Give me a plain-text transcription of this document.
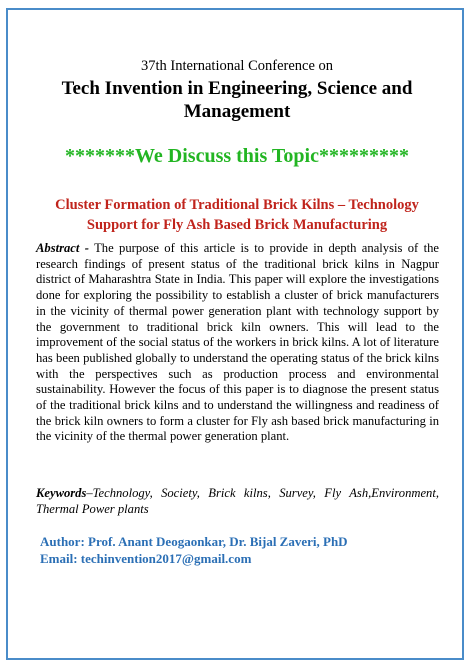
37th International Conference on
Tech Invention in Engineering, Science and Management
*******We Discuss this Topic*********
Cluster Formation of Traditional Brick Kilns – Technology Support for Fly Ash Based Brick Manufacturing

Abstract - The purpose of this article is to provide in depth analysis of the research findings of present status of the traditional brick kilns in Nagpur district of Maharashtra State in India. This paper will explore the investigations done for exploring the possibility to establish a cluster of brick manufacturers in the vicinity of thermal power generation plant with technology support by the government to traditional brick kiln owners. This will lead to the improvement of the social status of the workers in brick kilns. A lot of literature has been published globally to understand the operating status of the brick kilns with the perspectives such as production process and environmental sustainability. However the focus of this paper is to diagnose the present status of the traditional brick kilns and to understand the willingness and readiness of the brick kiln owners to form a cluster for Fly ash based brick manufacturing in the vicinity of the thermal power generation plant.

Keywords–Technology, Society, Brick kilns, Survey, Fly Ash,Environment, Thermal Power plants

Author: Prof. Anant Deogaonkar, Dr. Bijal Zaveri, PhD
Email: techinvention2017@gmail.com
